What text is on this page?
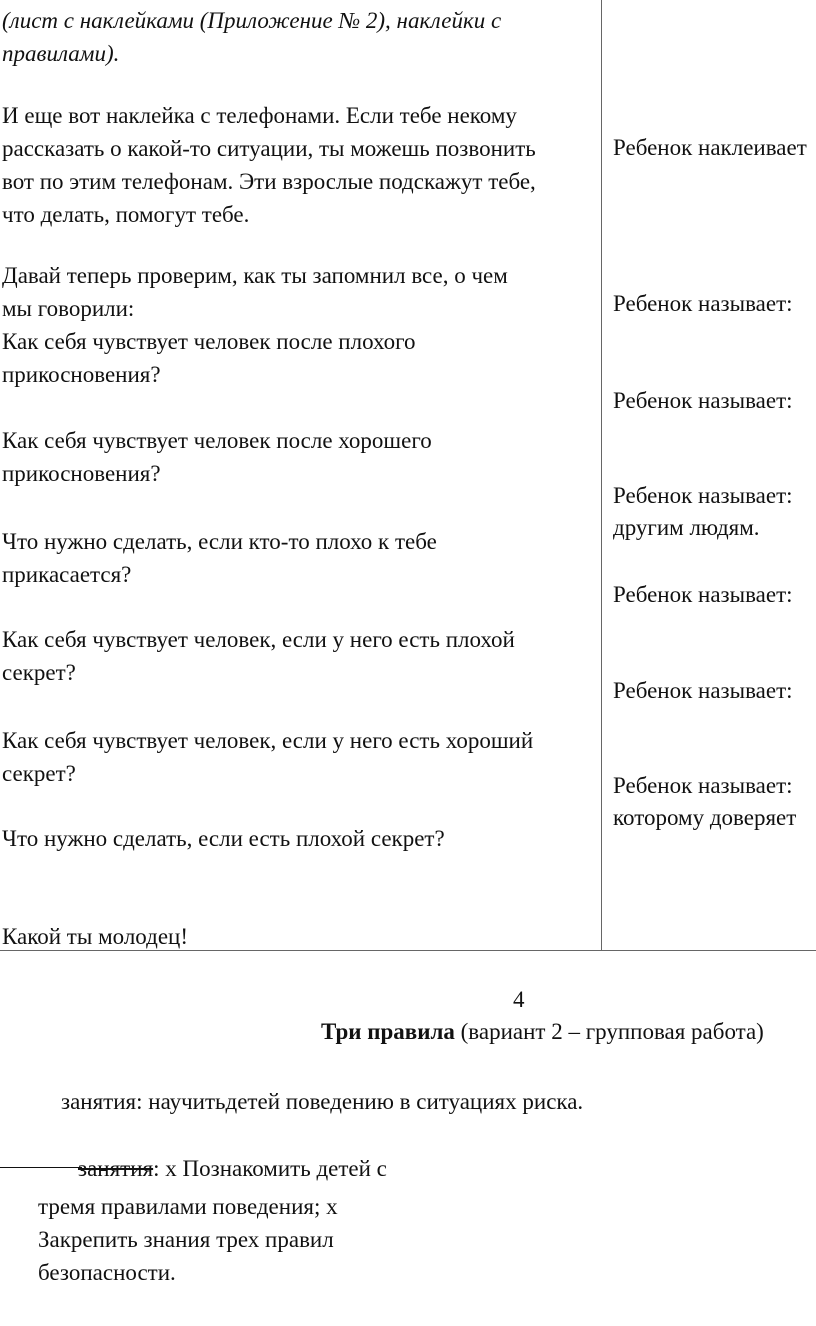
(лист с наклейками (Приложение № 2), наклейки с
правилами).
И еще вот наклейка с телефонами. Если тебе некому
рассказать о какой-то ситуации, ты можешь позвонить
вот по этим телефонам. Эти взрослые подскажут тебе,
что делать, помогут тебе.
Давай теперь проверим, как ты запомнил все, о чем
мы говорили:
Как себя чувствует человек после плохого
прикосновения?
Как себя чувствует человек после хорошего
прикосновения?
Что нужно сделать, если кто-то плохо к тебе
прикасается?
Как себя чувствует человек, если у него есть плохой
секрет?
Как себя чувствует человек, если у него есть хороший
секрет?
Что нужно сделать, если есть плохой секрет?
Какой ты молодец!
Ребенок наклеивает
Ребенок называет:
Ребенок называет:
Ребенок называет:
другим людям.
Ребенок называет:
Ребенок называет:
Ребенок называет:
которому доверяет
4
Три правила (вариант 2 – групповая работа)
занятия: научитьдетей поведению в ситуациях риска.
занятия: x Познакомить детей с
тремя правилами поведения; x
Закрепить знания трех правил
безопасности.
